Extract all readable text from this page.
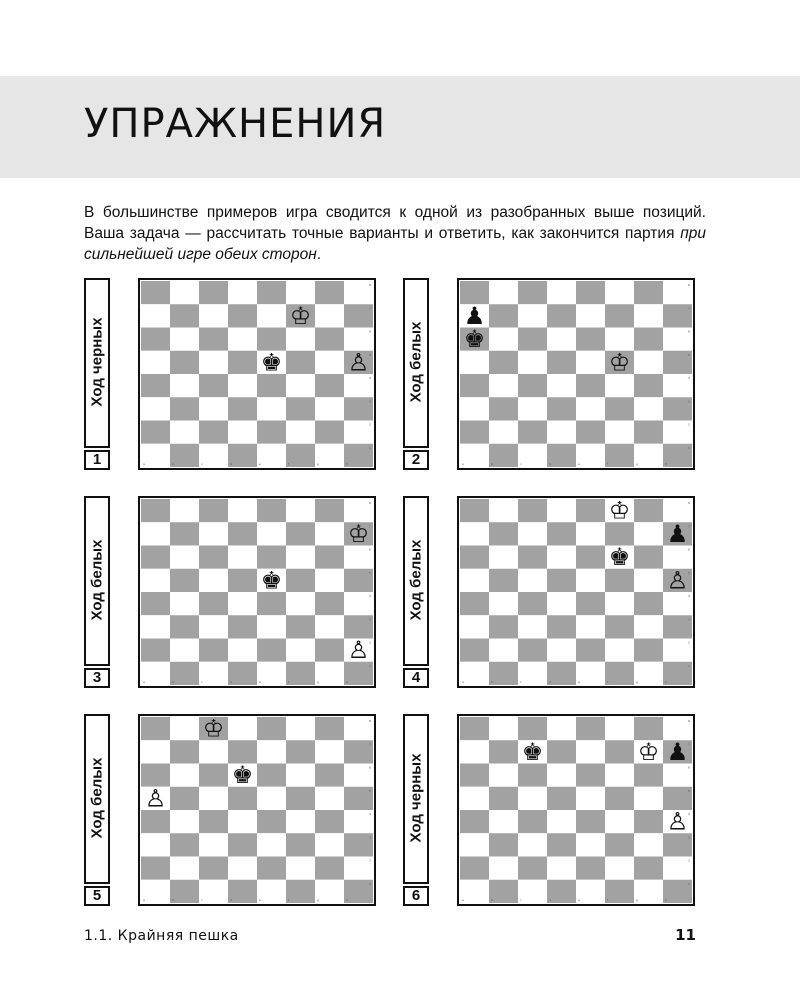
УПРАЖНЕНИЯ

В большинстве примеров игра сводится к одной из разобранных выше позиций. Ваша задача — рассчитать точные варианты и ответить, как закончится партия при сильнейшей игре обеих сторон.

Ход черных
1	a	b	c	d	e	f	g	h
8
7
6
5
4
3
2
1
♔
♚	♙	Ход белых
2	a	b	c	d	e	f	g	h
8
7
6
5
4
3
2
1
♟
♚
♔
Ход белых
3	a	b	c	d	e	f	g	h
8
7
6
5
4
3
2
1
♔
♚
♙
Ход белых
4	a	b	c	d	e	f	g	h
8
7
6
5
4
3
2
1
♔
♟
♚
♙
Ход белых
5	a	b	c	d	e	f	g	h
8
7
6
5
4
3
2
1
♔
♚
♙	Ход черных
6	a	b	c	d	e	f	g	h
8
7
6
5
4
3
2
1
♚	♔ ♟
♙

1.1. Крайняя пешка	11
